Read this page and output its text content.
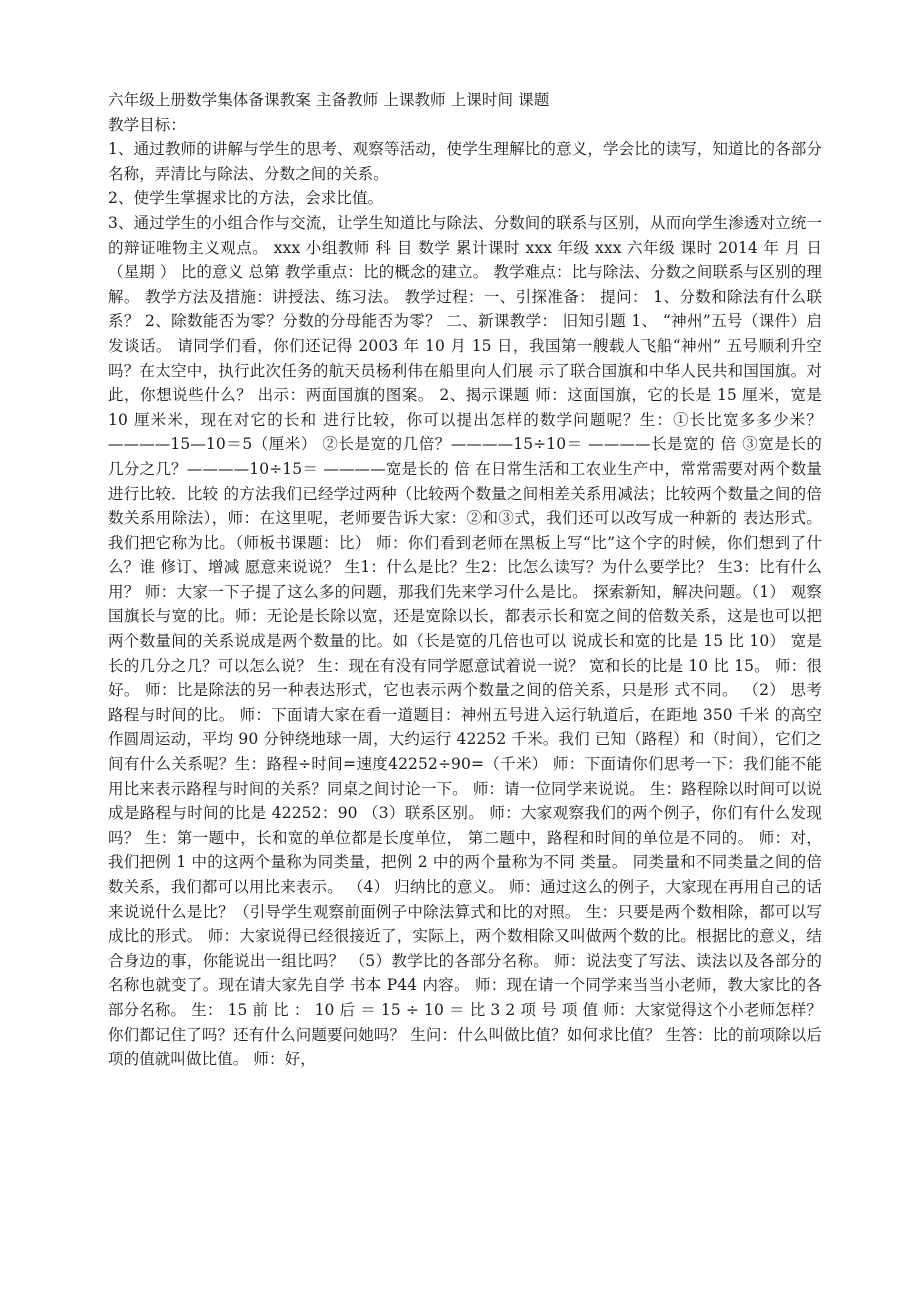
六年级上册数学集体备课教案 主备教师 上课教师 上课时间 课题

教学目标：

1、通过教师的讲解与学生的思考、观察等活动，使学生理解比的意义，学会比的读写，知道比的各部分名称，弄清比与除法、分数之间的关系。

2、使学生掌握求比的方法，会求比值。

3、通过学生的小组合作与交流，让学生知道比与除法、分数间的联系与区别，从而向学生渗透对立统一的辩证唯物主义观点。 xxx 小组教师 科 目 数学 累计课时 xxx 年级 xxx 六年级 课时 2014 年 月 日（星期 ） 比的意义 总第 教学重点：比的概念的建立。 教学难点：比与除法、分数之间联系与区别的理解。 教学方法及措施：讲授法、练习法。 教学过程：一、引探准备： 提问： 1、分数和除法有什么联系？ 2、除数能否为零？分数的分母能否为零？ 二、新课教学： 旧知引题 1、 “神州”五号（课件）启发谈话。 请同学们看，你们还记得 2003 年 10 月 15 日，我国第一艘载人飞船“神州” 五号顺利升空吗？在太空中，执行此次任务的航天员杨利伟在船里向人们展 示了联合国旗和中华人民共和国国旗。对此，你想说些什么？ 出示：两面国旗的图案。 2、揭示课题 师：这面国旗，它的长是 15 厘米，宽是 10 厘米米，现在对它的长和 进行比较，你可以提出怎样的数学问题呢？生：①长比宽多多少米？————15—10＝5（厘米） ②长是宽的几倍？————15÷10＝ ————长是宽的 倍 ③宽是长的几分之几？————10÷15＝ ————宽是长的 倍 在日常生活和工农业生产中，常常需要对两个数量进行比较．比较 的方法我们已经学过两种（比较两个数量之间相差关系用减法；比较两个数量之间的倍数关系用除法），师：在这里呢，老师要告诉大家：②和③式，我们还可以改写成一种新的 表达形式。我们把它称为比。（师板书课题：比） 师：你们看到老师在黑板上写“比”这个字的时候，你们想到了什么？谁 修订、增减 愿意来说说？ 生1：什么是比？生2：比怎么读写？为什么要学比？ 生3：比有什么用？ 师：大家一下子提了这么多的问题，那我们先来学习什么是比。 探索新知，解决问题。（1） 观察国旗长与宽的比。师：无论是长除以宽，还是宽除以长，都表示长和宽之间的倍数关系，这是也可以把两个数量间的关系说成是两个数量的比。如（长是宽的几倍也可以 说成长和宽的比是 15 比 10） 宽是长的几分之几？可以怎么说？ 生：现在有没有同学愿意试着说一说？ 宽和长的比是 10 比 15。 师：很好。 师：比是除法的另一种表达形式，它也表示两个数量之间的倍关系，只是形 式不同。 （2） 思考路程与时间的比。 师：下面请大家在看一道题目：神州五号进入运行轨道后，在距地 350 千米 的高空作圆周运动，平均 90 分钟绕地球一周，大约运行 42252 千米。我们 已知（路程）和（时间），它们之间有什么关系呢？生：路程÷时间=速度42252÷90=（千米） 师：下面请你们思考一下：我们能不能用比来表示路程与时间的关系？同桌之间讨论一下。 师：请一位同学来说说。 生：路程除以时间可以说成是路程与时间的比是 42252：90 （3）联系区别。 师：大家观察我们的两个例子，你们有什么发现吗？ 生：第一题中，长和宽的单位都是长度单位， 第二题中，路程和时间的单位是不同的。 师：对，我们把例 1 中的这两个量称为同类量，把例 2 中的两个量称为不同 类量。 同类量和不同类量之间的倍数关系，我们都可以用比来表示。 （4） 归纳比的意义。 师：通过这么的例子，大家现在再用自己的话来说说什么是比？（引导学生观察前面例子中除法算式和比的对照。 生：只要是两个数相除，都可以写成比的形式。 师：大家说得已经很接近了，实际上，两个数相除又叫做两个数的比。根据比的意义，结合身边的事，你能说出一组比吗？ （5）教学比的各部分名称。 师：说法变了写法、读法以及各部分的名称也就变了。现在请大家先自学 书本 P44 内容。 师：现在请一个同学来当当小老师，教大家比的各部分名称。 生： 15 前 比 ： 10 后 ＝ 15 ÷ 10 ＝ 比 3 2 项 号 项 值 师：大家觉得这个小老师怎样？你们都记住了吗？还有什么问题要问她吗？ 生问：什么叫做比值？如何求比值？ 生答：比的前项除以后项的值就叫做比值。 师：好，
